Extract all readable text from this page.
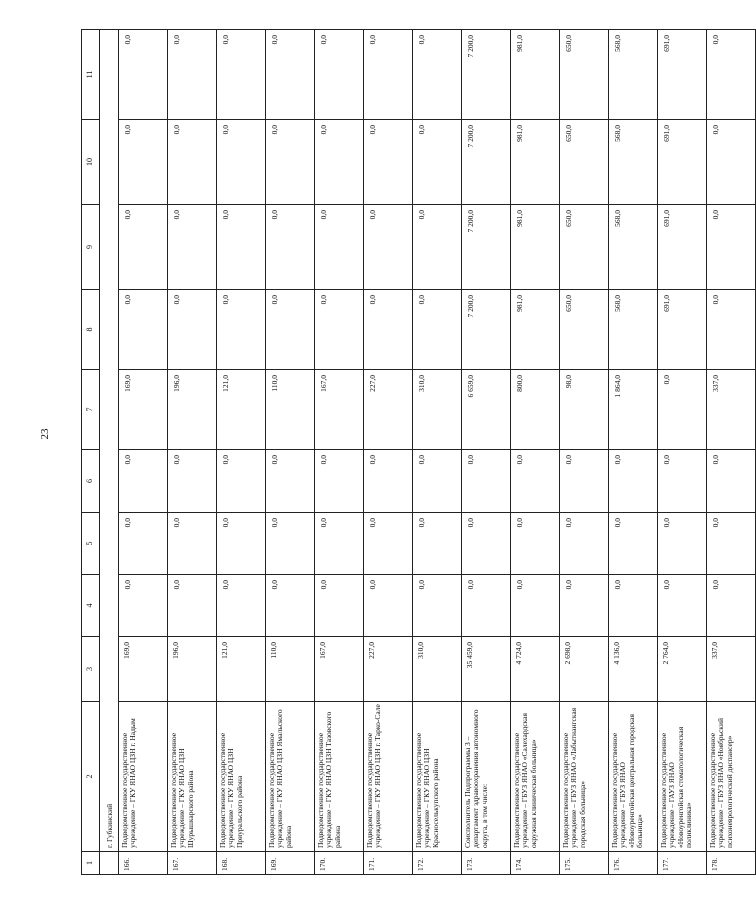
23
1	2	3	4	5	6	7	8	9	10	11
	г. Губкинский									
166.	Подведомственное государственное учреждение – ГКУ ЯНАО ЦЗН г. Надым	169,0	0,0	0,0	0,0	169,0	0,0	0,0	0,0	0,0
167.	Подведомственное государственное учреждение – ГКУ ЯНАО ЦЗН Шурышкарского района	196,0	0,0	0,0	0,0	196,0	0,0	0,0	0,0	0,0
168.	Подведомственное государственное учреждение – ГКУ ЯНАО ЦЗН Приуральского района	121,0	0,0	0,0	0,0	121,0	0,0	0,0	0,0	0,0
169.	Подведомственное государственное учреждение – ГКУ ЯНАО ЦЗН Ямальского района	110,0	0,0	0,0	0,0	110,0	0,0	0,0	0,0	0,0
170.	Подведомственное государственное учреждение – ГКУ ЯНАО ЦЗН Тазовского района	167,0	0,0	0,0	0,0	167,0	0,0	0,0	0,0	0,0
171.	Подведомственное государственное учреждение – ГКУ ЯНАО ЦЗН г. Тарко-Сале	227,0	0,0	0,0	0,0	227,0	0,0	0,0	0,0	0,0
172.	Подведомственное государственное учреждение – ГКУ ЯНАО ЦЗН Красноселькупского района	310,0	0,0	0,0	0,0	310,0	0,0	0,0	0,0	0,0
173.	Соисполнитель Подпрограммы 3 – департамент здравоохранения автономного округа, в том числе:	35 459,0	0,0	0,0	0,0	6 659,0	7 200,0	7 200,0	7 200,0	7 200,0
174.	Подведомственное государственное учреждение – ГБУЗ ЯНАО «Салехардская окружная клиническая больница»	4 724,0	0,0	0,0	0,0	800,0	981,0	981,0	981,0	981,0
175.	Подведомственное государственное учреждение – ГБУЗ ЯНАО «Лабытнангская городская больница»	2 698,0	0,0	0,0	0,0	98,0	650,0	650,0	650,0	650,0
176.	Подведомственное государственное учреждение – ГБУЗ ЯНАО «Новоуренгойская центральная городская больница»	4 136,0	0,0	0,0	0,0	1 864,0	568,0	568,0	568,0	568,0
177.	Подведомственное государственное учреждение – ГАУЗ ЯНАО «Новоуренгойская стоматологическая поликлиника»	2 764,0	0,0	0,0	0,0	0,0	691,0	691,0	691,0	691,0
178.	Подведомственное государственное учреждение – ГБУЗ ЯНАО «Ноябрьский психоневрологический диспансер»	337,0	0,0	0,0	0,0	337,0	0,0	0,0	0,0	0,0
